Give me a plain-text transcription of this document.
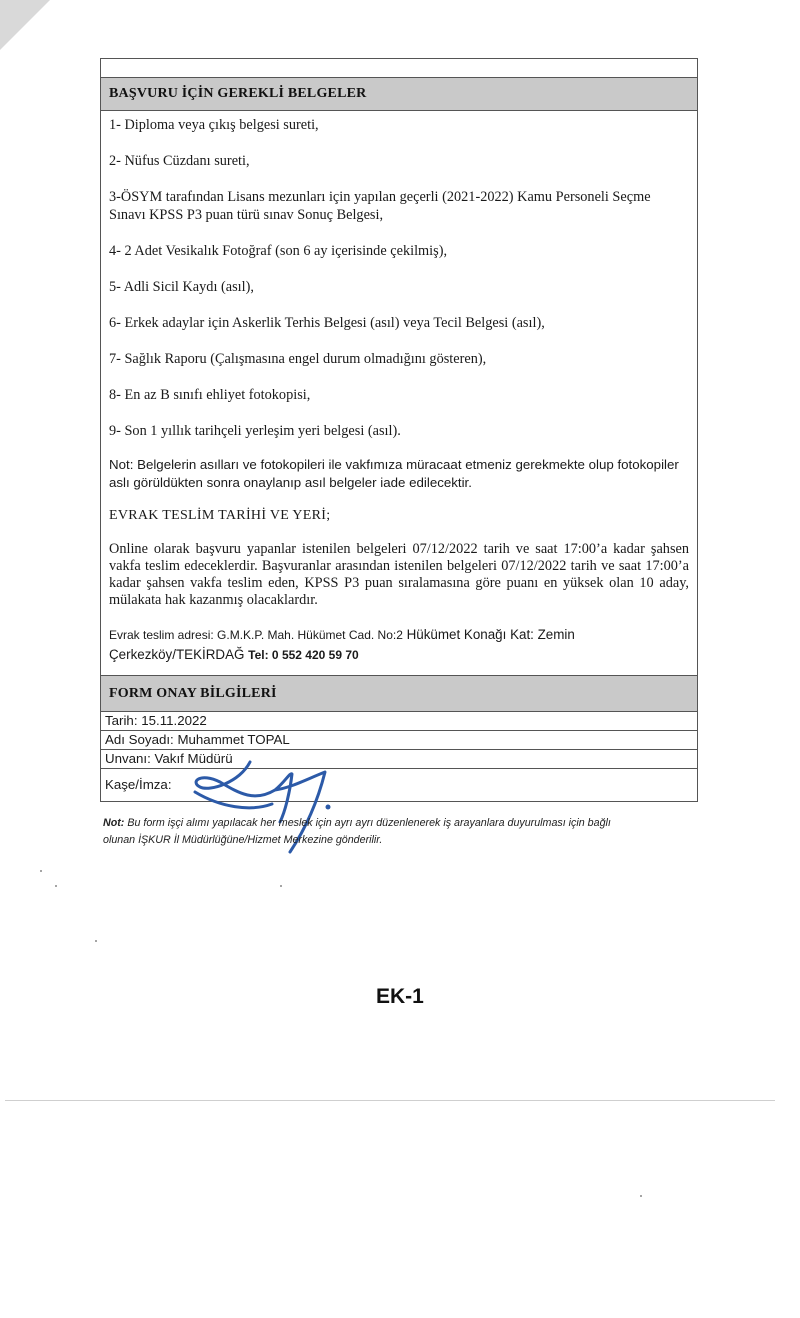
BAŞVURU İÇİN GEREKLİ BELGELER
1- Diploma veya çıkış belgesi sureti,
2- Nüfus Cüzdanı sureti,
3-ÖSYM tarafından Lisans mezunları için yapılan geçerli (2021-2022) Kamu Personeli Seçme Sınavı KPSS P3 puan türü sınav Sonuç Belgesi,
4- 2 Adet Vesikalık Fotoğraf (son 6 ay içerisinde çekilmiş),
5- Adli Sicil Kaydı (asıl),
6- Erkek adaylar için Askerlik Terhis Belgesi (asıl) veya Tecil Belgesi (asıl),
7- Sağlık Raporu (Çalışmasına engel durum olmadığını gösteren),
8- En az B sınıfı ehliyet fotokopisi,
9- Son 1 yıllık tarihçeli yerleşim yeri belgesi (asıl).
Not: Belgelerin asılları ve fotokopileri ile vakfımıza müracaat etmeniz gerekmekte olup fotokopiler aslı görüldükten sonra onaylanıp asıl belgeler iade edilecektir.
EVRAK TESLİM TARİHİ VE YERİ;
Online olarak başvuru yapanlar istenilen belgeleri 07/12/2022 tarih ve saat 17:00’a kadar şahsen vakfa teslim edeceklerdir. Başvuranlar arasından istenilen belgeleri 07/12/2022 tarih ve saat 17:00’a kadar şahsen vakfa teslim eden, KPSS P3 puan sıralamasına göre puanı en yüksek olan 10 aday, mülakata hak kazanmış olacaklardır.
Evrak teslim adresi: G.M.K.P. Mah. Hükümet Cad. No:2 Hükümet Konağı Kat: Zemin Çerkezköy/TEKİRDAĞ Tel: 0 552 420 59 70
FORM ONAY BİLGİLERİ
Tarih: 15.11.2022
Adı Soyadı: Muhammet TOPAL
Unvanı: Vakıf Müdürü
Kaşe/İmza:
Not: Bu form işçi alımı yapılacak her meslek için ayrı ayrı düzenlenerek iş arayanlara duyurulması için bağlı
olunan İŞKUR İl Müdürlüğüne/Hizmet Merkezine gönderilir.
EK-1
